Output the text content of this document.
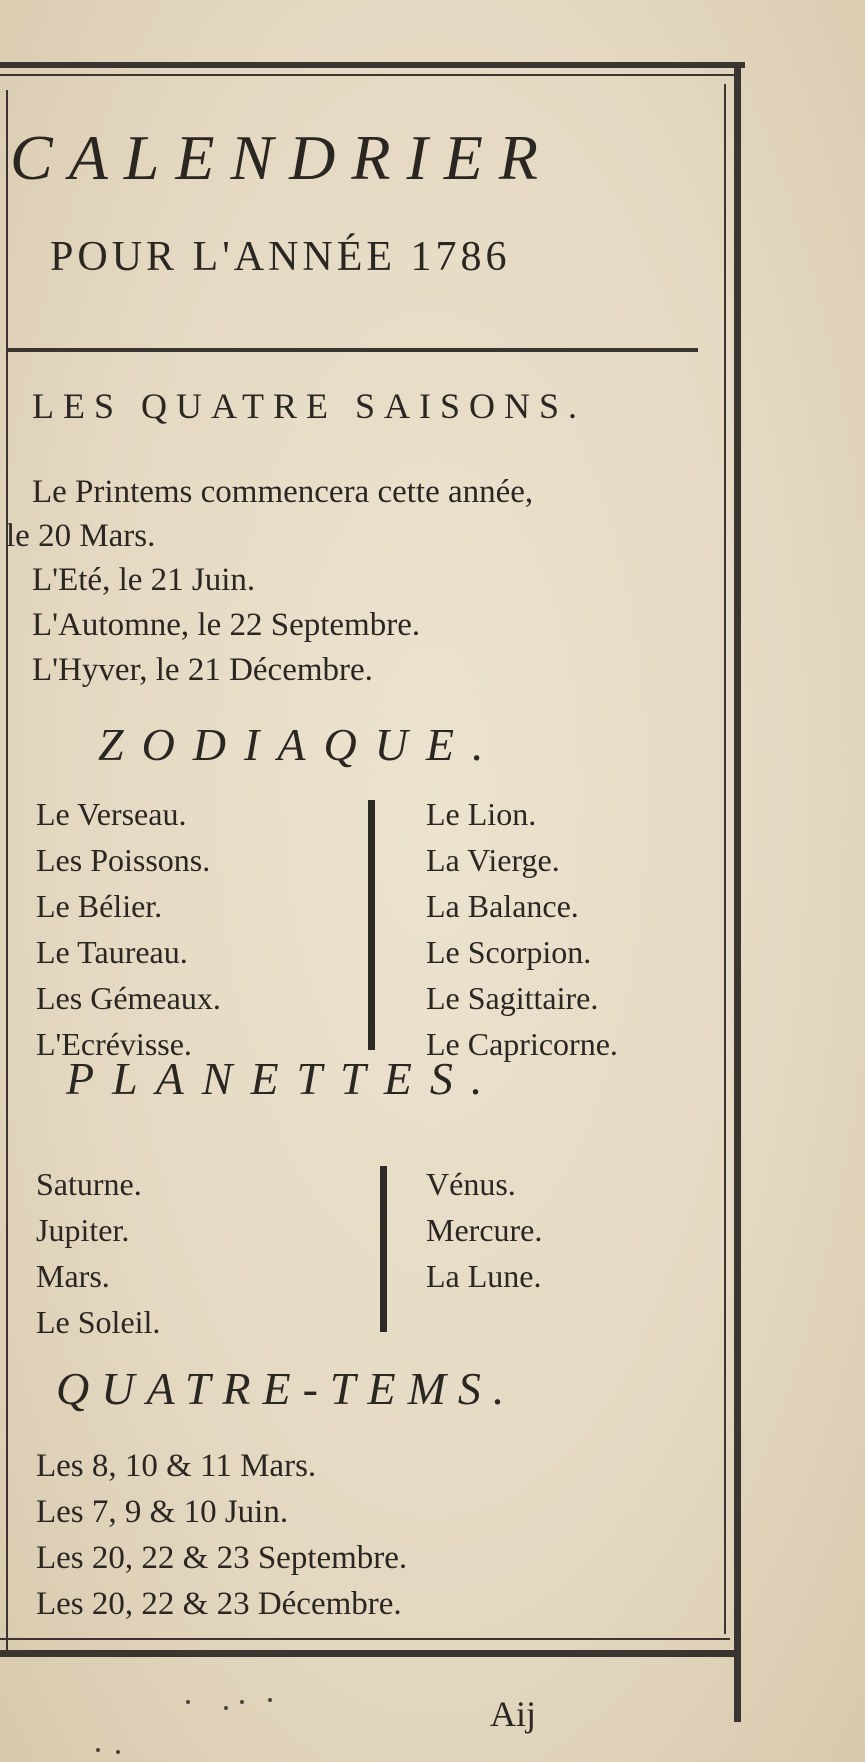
CALENDRIER
POUR L'ANNÉE 1786
LES QUATRE SAISONS.
Le Printems commencera cette année,
le 20 Mars.
L'Eté, le 21 Juin.
L'Automne, le 22 Septembre.
L'Hyver, le 21 Décembre.
ZODIAQUE.
Le Verseau.
Les Poissons.
Le Bélier.
Le Taureau.
Les Gémeaux.
L'Ecrévisse.
Le Lion.
La Vierge.
La Balance.
Le Scorpion.
Le Sagittaire.
Le Capricorne.
PLANETTES.
Saturne.
Jupiter.
Mars.
Le Soleil.
Vénus.
Mercure.
La Lune.
QUATRE-TEMS.
Les 8, 10 & 11 Mars.
Les 7, 9 & 10 Juin.
Les 20, 22 & 23 Septembre.
Les 20, 22 & 23 Décembre.
Aij
